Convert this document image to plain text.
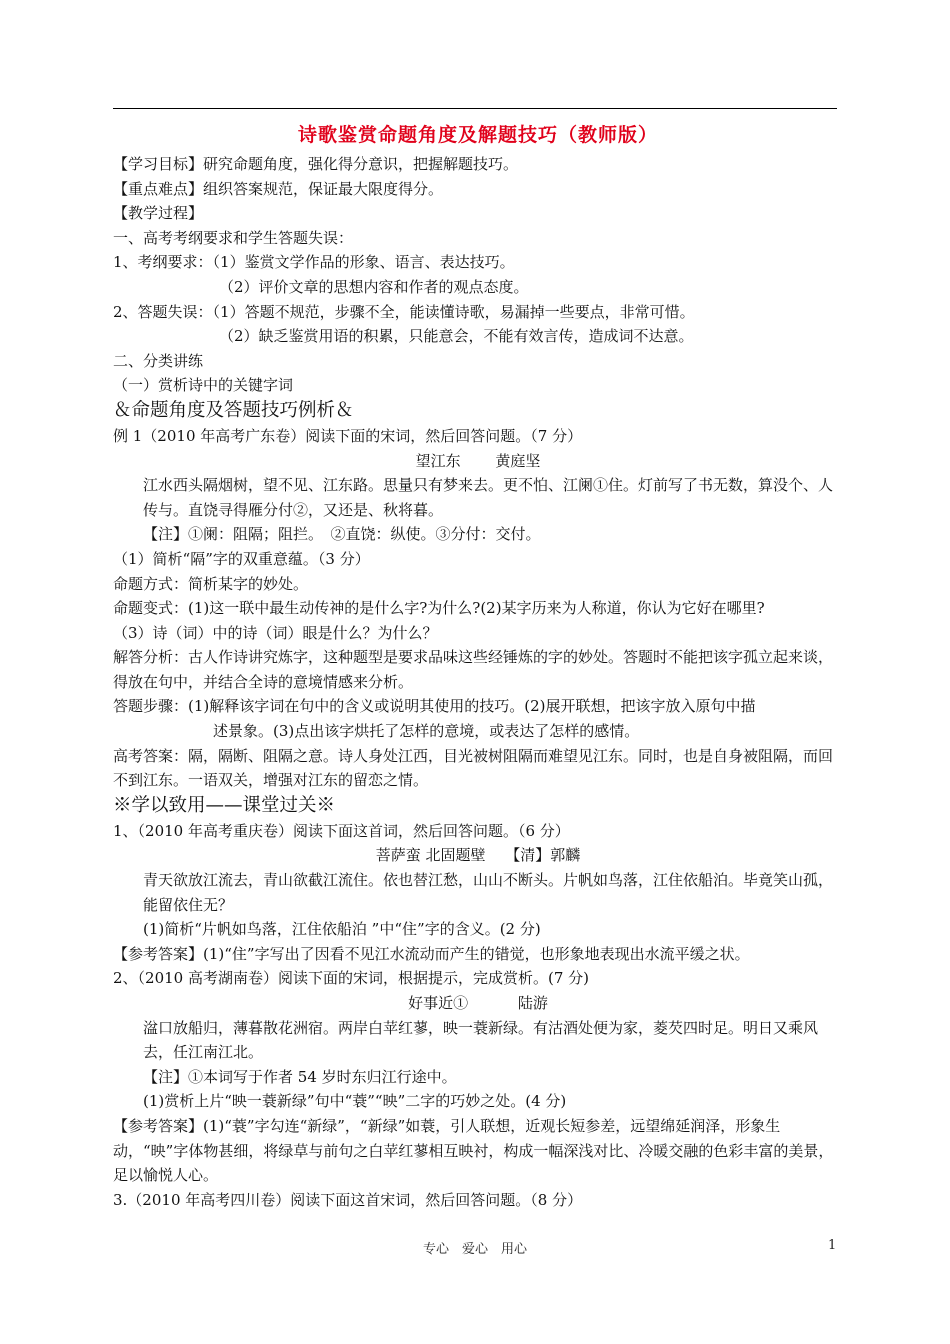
诗歌鉴赏命题角度及解题技巧（教师版）

【学习目标】研究命题角度，强化得分意识，把握解题技巧。

【重点难点】组织答案规范，保证最大限度得分。

【教学过程】

一、高考考纲要求和学生答题失误：

1、考纲要求：（1）鉴赏文学作品的形象、语言、表达技巧。

（2）评价文章的思想内容和作者的观点态度。

2、答题失误：（1）答题不规范，步骤不全，能读懂诗歌，易漏掉一些要点，非常可惜。

（2）缺乏鉴赏用语的积累，只能意会，不能有效言传，造成词不达意。

二、分类讲练

（一）赏析诗中的关键字词

＆命题角度及答题技巧例析＆

例 1（2010 年高考广东卷）阅读下面的宋词，然后回答问题。（7 分）

望江东　　 黄庭坚

江水西头隔烟树，望不见、江东路。思量只有梦来去。更不怕、江阑①住。灯前写了书无数，算没个、人传与。直饶寻得雁分付②，又还是、秋将暮。

【注】①阑：阻隔；阻拦。　②直饶：纵使。③分付：交付。

（1）简析“隔”字的双重意蕴。（3 分）

命题方式：简析某字的妙处。

命题变式：(1)这一联中最生动传神的是什么字?为什么?(2)某字历来为人称道，你认为它好在哪里?

（3）诗（词）中的诗（词）眼是什么？为什么？

解答分析：古人作诗讲究炼字，这种题型是要求品味这些经锤炼的字的妙处。答题时不能把该字孤立起来谈，得放在句中，并结合全诗的意境情感来分析。

答题步骤：(1)解释该字词在句中的含义或说明其使用的技巧。(2)展开联想，把该字放入原句中描

述景象。(3)点出该字烘托了怎样的意境，或表达了怎样的感情。

高考答案：隔，隔断、阻隔之意。诗人身处江西，目光被树阻隔而难望见江东。同时，也是自身被阻隔，而回不到江东。一语双关，增强对江东的留恋之情。

※学以致用——课堂过关※

1、（2010 年高考重庆卷）阅读下面这首词，然后回答问题。（6 分）

菩萨蛮 北固题壁　 【清】郭麟

青天欲放江流去，青山欲截江流住。依也替江愁，山山不断头。片帆如鸟落，江住依船泊。毕竟笑山孤，能留依住无？

(1)简析“片帆如鸟落，江住依船泊 ”中“住”字的含义。(2 分)

【参考答案】(1)“住”字写出了因看不见江水流动而产生的错觉，也形象地表现出水流平缓之状。

2、（2010 高考湖南卷）阅读下面的宋词，根据提示，完成赏析。(7 分)

好事近①　　　 陆游

湓口放船归，薄暮散花洲宿。两岸白苹红蓼，映一蓑新绿。有沽酒处便为家，菱芡四时足。明日又乘风去，任江南江北。

【注】①本词写于作者 54 岁时东归江行途中。

(1)赏析上片“映一蓑新绿”句中“蓑”“映”二字的巧妙之处。(4 分)

【参考答案】(1)“蓑”字勾连“新绿”，“新绿”如蓑，引人联想，近观长短参差，远望绵延润泽，形象生动，“映”字体物甚细，将绿草与前句之白苹红蓼相互映衬，构成一幅深浅对比、冷暖交融的色彩丰富的美景，足以愉悦人心。

3.（2010 年高考四川卷）阅读下面这首宋词，然后回答问题。（8 分）

专心　爱心　用心	1
